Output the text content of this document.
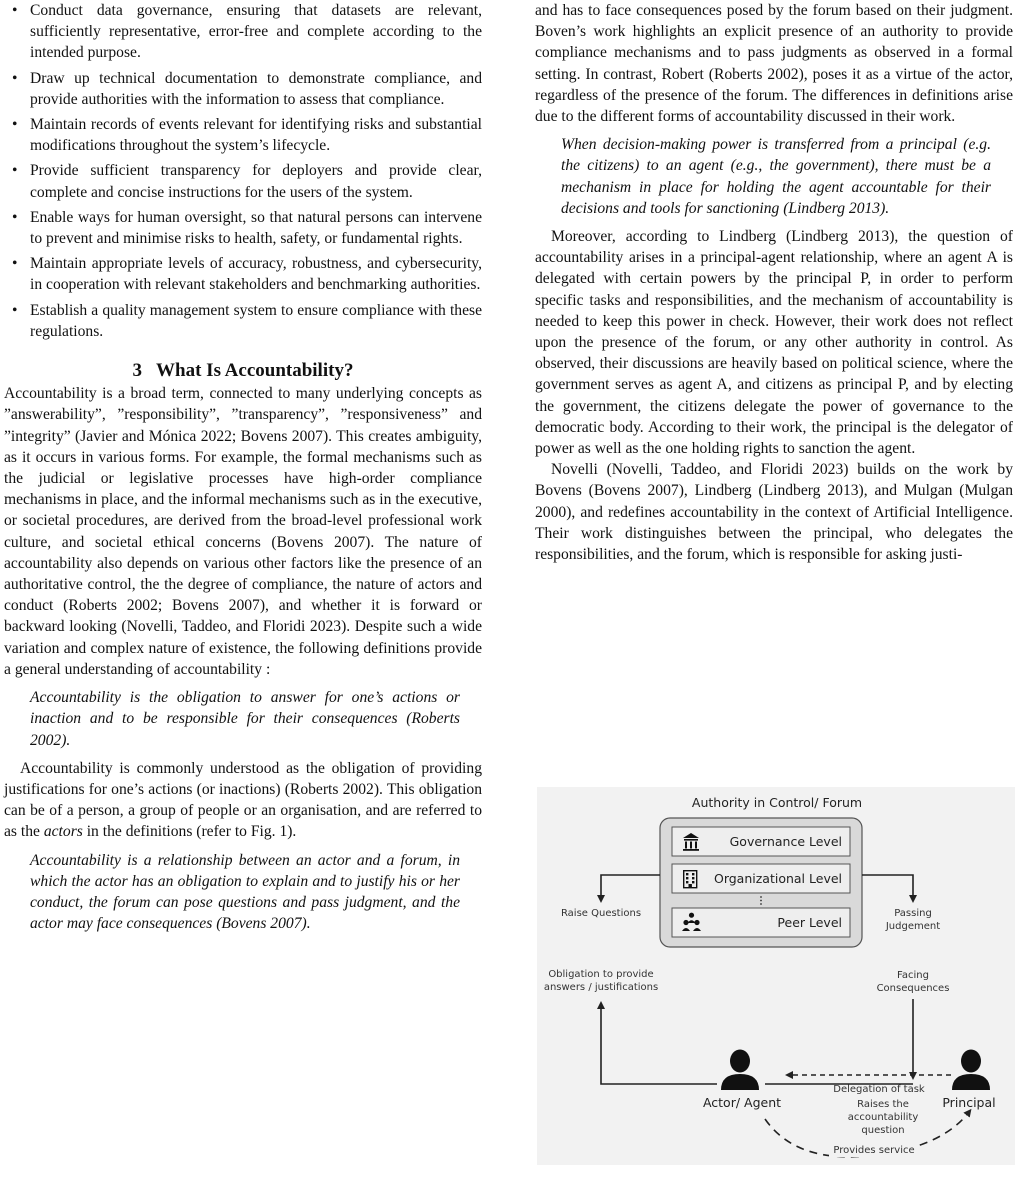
• Conduct data governance, ensuring that datasets are relevant, sufficiently representative, error-free and complete according to the intended purpose.
• Draw up technical documentation to demonstrate compliance, and provide authorities with the information to assess that compliance.
• Maintain records of events relevant for identifying risks and substantial modifications throughout the system’s lifecycle.
• Provide sufficient transparency for deployers and provide clear, complete and concise instructions for the users of the system.
• Enable ways for human oversight, so that natural persons can intervene to prevent and minimise risks to health, safety, or fundamental rights.
• Maintain appropriate levels of accuracy, robustness, and cybersecurity, in cooperation with relevant stakeholders and benchmarking authorities.
• Establish a quality management system to ensure compliance with these regulations.
3 What Is Accountability?

Accountability is a broad term, connected to many underlying concepts as ”answerability”, ”responsibility”, ”transparency”, ”responsiveness” and ”integrity” (Javier and Mónica 2022; Bovens 2007). This creates ambiguity, as it occurs in various forms. For example, the formal mechanisms such as the judicial or legislative processes have high-order compliance mechanisms in place, and the informal mechanisms such as in the executive, or societal procedures, are derived from the broad-level professional work culture, and societal ethical concerns (Bovens 2007). The nature of accountability also depends on various other factors like the presence of an authoritative control, the the degree of compliance, the nature of actors and conduct (Roberts 2002; Bovens 2007), and whether it is forward or backward looking (Novelli, Taddeo, and Floridi 2023). Despite such a wide variation and complex nature of existence, the following definitions provide a general understanding of accountability :

Accountability is the obligation to answer for one’s actions or inaction and to be responsible for their consequences (Roberts 2002).

Accountability is commonly understood as the obligation of providing justifications for one’s actions (or inactions) (Roberts 2002). This obligation can be of a person, a group of people or an organisation, and are referred to as the actors in the definitions (refer to Fig. 1).

Accountability is a relationship between an actor and a forum, in which the actor has an obligation to explain and to justify his or her conduct, the forum can pose questions and pass judgment, and the actor may face consequences (Bovens 2007).

and has to face consequences posed by the forum based on their judgment. Boven’s work highlights an explicit presence of an authority to provide compliance mechanisms and to pass judgments as observed in a formal setting. In contrast, Robert (Roberts 2002), poses it as a virtue of the actor, regardless of the presence of the forum. The differences in definitions arise due to the different forms of accountability discussed in their work.

When decision-making power is transferred from a principal (e.g. the citizens) to an agent (e.g., the government), there must be a mechanism in place for holding the agent accountable for their decisions and tools for sanctioning (Lindberg 2013).

Moreover, according to Lindberg (Lindberg 2013), the question of accountability arises in a principal-agent relationship, where an agent A is delegated with certain powers by the principal P, in order to perform specific tasks and responsibilities, and the mechanism of accountability is needed to keep this power in check. However, their work does not reflect upon the presence of the forum, or any other authority in control. As observed, their discussions are heavily based on political science, where the government serves as agent A, and citizens as principal P, and by electing the government, the citizens delegate the power of governance to the democratic body. According to their work, the principal is the delegator of power as well as the one holding rights to sanction the agent.

Novelli (Novelli, Taddeo, and Floridi 2023) builds on the work by Bovens (Bovens 2007), Lindberg (Lindberg 2013), and Mulgan (Mulgan 2000), and redefines accountability in the context of Artificial Intelligence. Their work distinguishes between the principal, who delegates the responsibilities, and the forum, which is responsible for asking justi-

Authority in Control/ Forum
Governance Level
Organizational Level
Peer Level
Raise Questions
Obligation to provide
answers / justifications
Passing
Judgement
Facing
Consequences
Actor/ Agent	Principal
Delegation of task
Provides service
Raises the
accountability
question
